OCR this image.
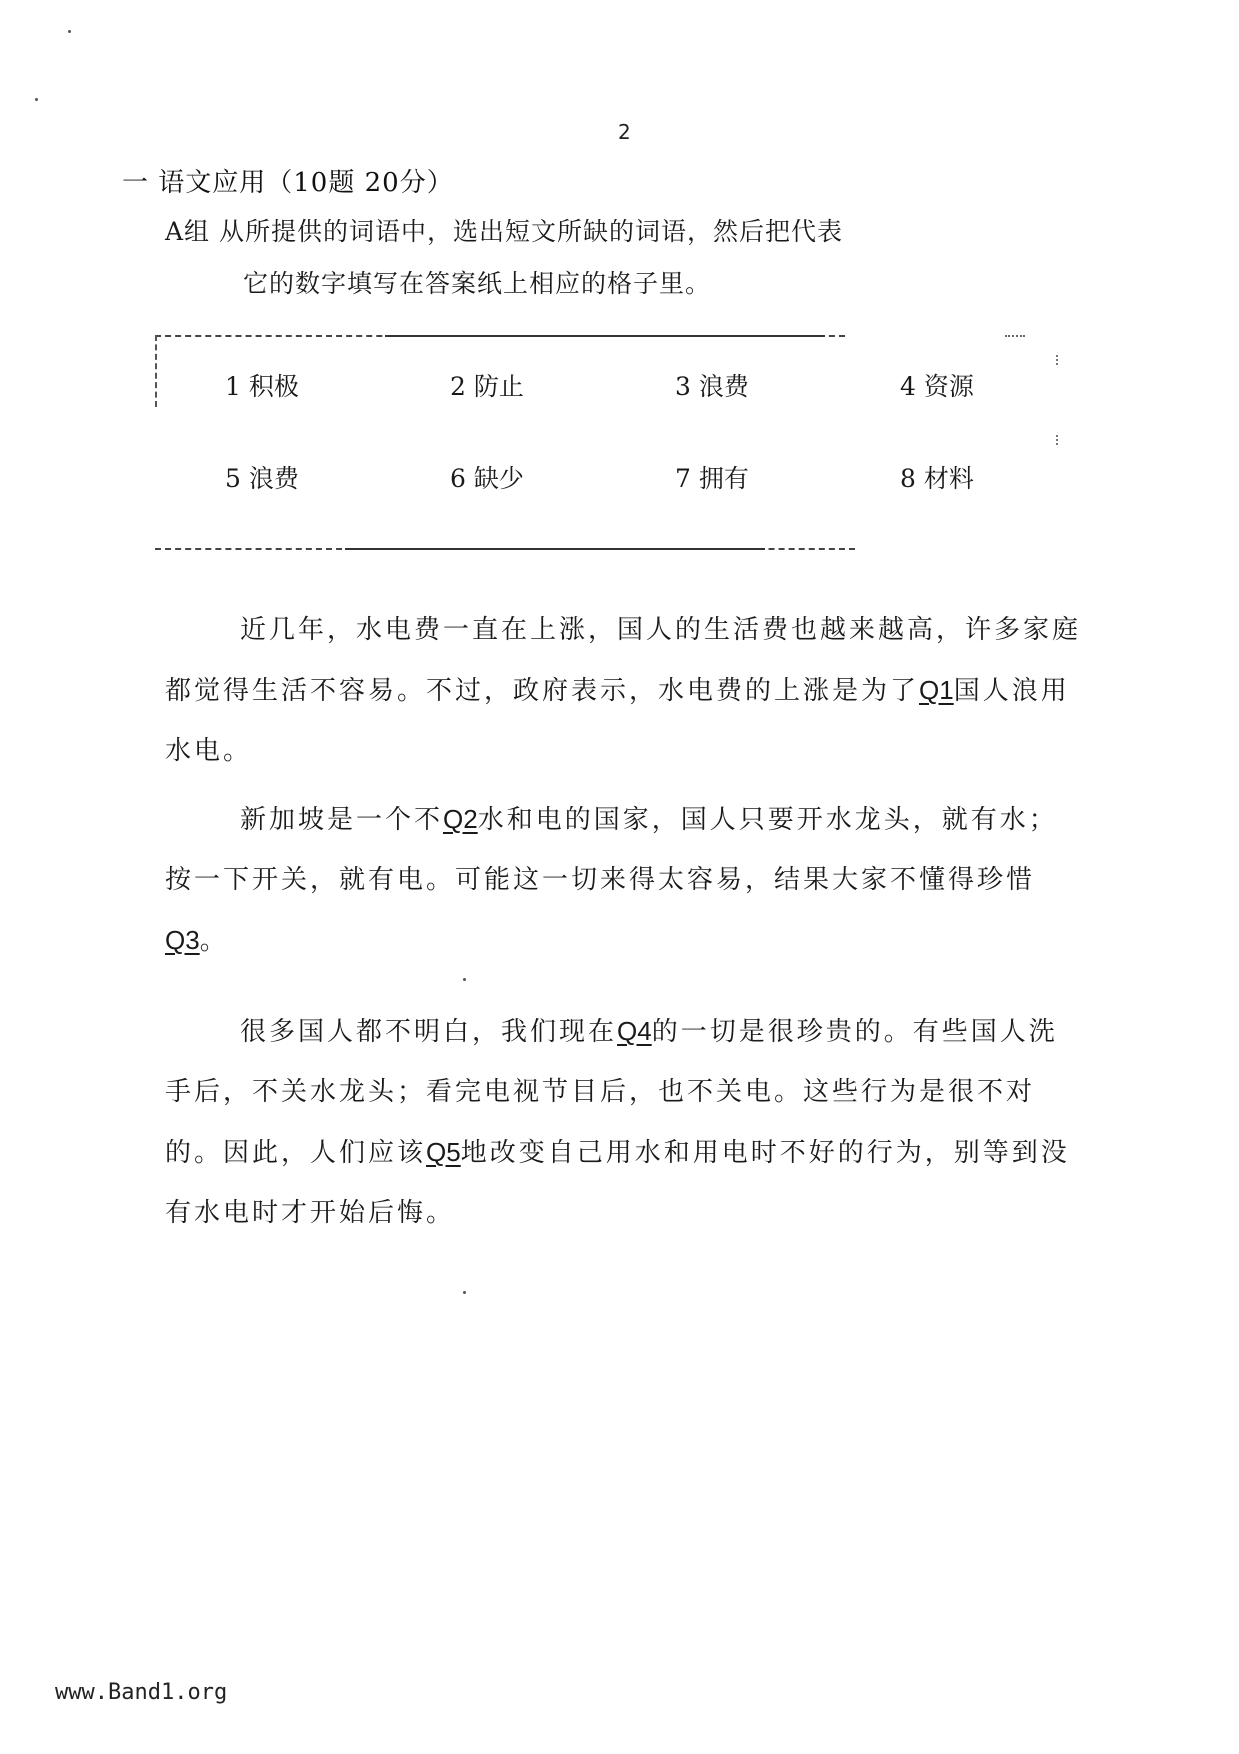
2
一 语文应用（10题 20分）
A组 从所提供的词语中，选出短文所缺的词语，然后把代表
它的数字填写在答案纸上相应的格子里。
1 积极	2 防止	3 浪费	4 资源
5 浪费	6 缺少	7 拥有	8 材料

近几年，水电费一直在上涨，国人的生活费也越来越高，许多家庭都觉得生活不容易。不过，政府表示，水电费的上涨是为了Q1国人浪用水电。

新加坡是一个不Q2水和电的国家，国人只要开水龙头，就有水；按一下开关，就有电。可能这一切来得太容易，结果大家不懂得珍惜Q3。

很多国人都不明白，我们现在Q4的一切是很珍贵的。有些国人洗手后，不关水龙头；看完电视节目后，也不关电。这些行为是很不对的。因此，人们应该Q5地改变自己用水和用电时不好的行为，别等到没有水电时才开始后悔。

www.Band1.org
